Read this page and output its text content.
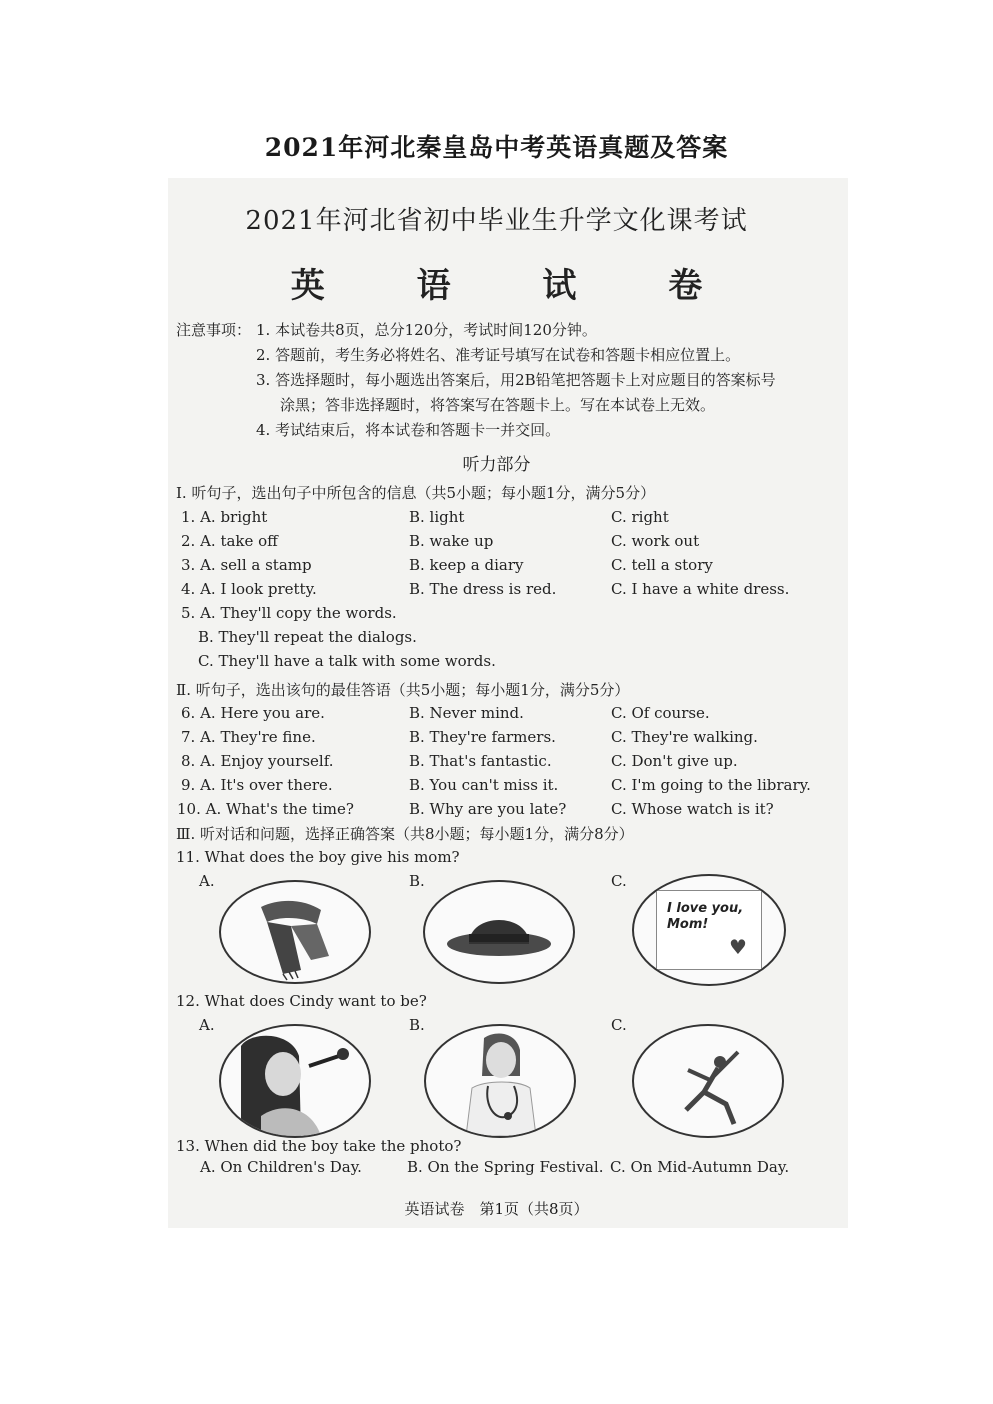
2021年河北秦皇岛中考英语真题及答案
2021年河北省初中毕业生升学文化课考试
英 语 试 卷
注意事项： 1. 本试卷共8页，总分120分，考试时间120分钟。
2. 答题前，考生务必将姓名、准考证号填写在试卷和答题卡相应位置上。
3. 答选择题时，每小题选出答案后，用2B铅笔把答题卡上对应题目的答案标号
涂黑；答非选择题时，将答案写在答题卡上。写在本试卷上无效。
4. 考试结束后，将本试卷和答题卡一并交回。
听力部分
Ⅰ. 听句子，选出句子中所包含的信息（共5小题；每小题1分，满分5分）
1. A. bright	B. light	C. right
2. A. take off	B. wake up	C. work out
3. A. sell a stamp	B. keep a diary	C. tell a story
4. A. I look pretty.	B. The dress is red.	C. I have a white dress.
5. A. They'll copy the words.
B. They'll repeat the dialogs.
C. They'll have a talk with some words.
Ⅱ. 听句子，选出该句的最佳答语（共5小题；每小题1分，满分5分）
6. A. Here you are.	B. Never mind.	C. Of course.
7. A. They're fine.	B. They're farmers.	C. They're walking.
8. A. Enjoy yourself.	B. That's fantastic.	C. Don't give up.
9. A. It's over there.	B. You can't miss it.	C. I'm going to the library.
10. A. What's the time?	B. Why are you late?	C. Whose watch is it?
Ⅲ. 听对话和问题，选择正确答案（共8小题；每小题1分，满分8分）
11. What does the boy give his mom?
A.	B.	C.
I love you,
Mom!
♥
12. What does Cindy want to be?
A.	B.	C.
13. When did the boy take the photo?
A. On Children's Day.	B. On the Spring Festival. C. On Mid-Autumn Day.
英语试卷　第1页（共8页）
